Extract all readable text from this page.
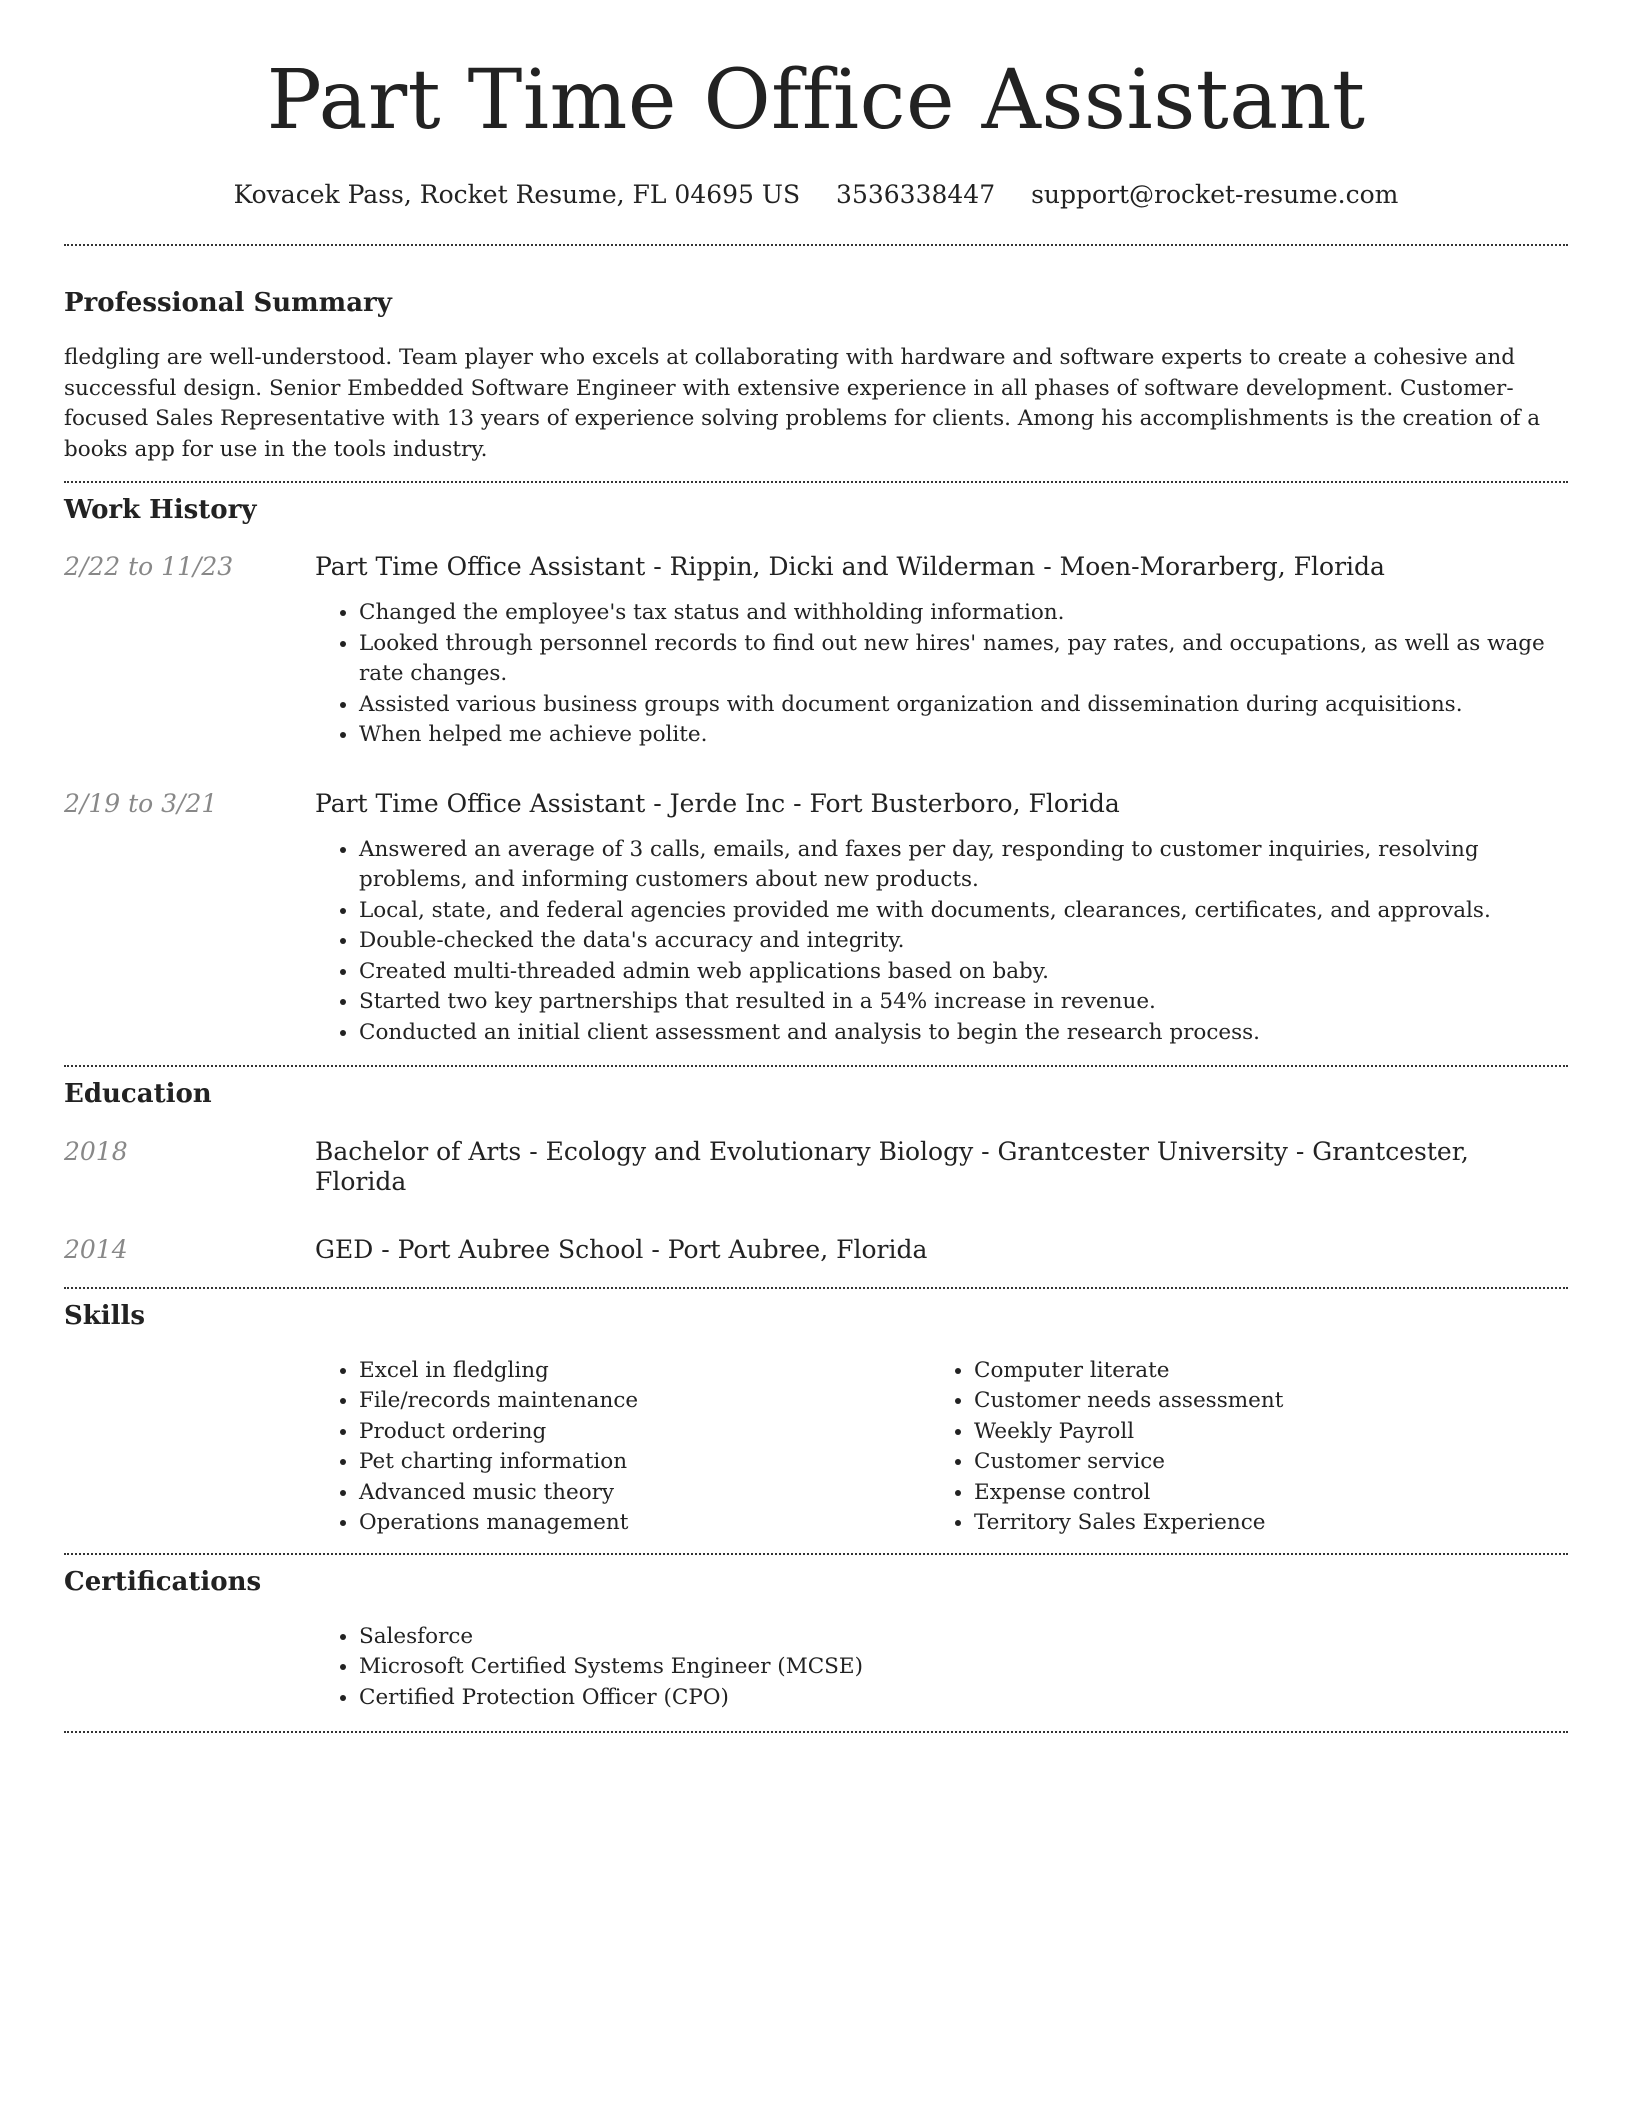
Part Time Office Assistant
Kovacek Pass, Rocket Resume, FL 04695 US 3536338447 support@rocket-resume.com
Professional Summary

fledgling are well-understood. Team player who excels at collaborating with hardware and software experts to create a cohesive and successful design. Senior Embedded Software Engineer with extensive experience in all phases of software development. Customer-focused Sales Representative with 13 years of experience solving problems for clients. Among his accomplishments is the creation of a books app for use in the tools industry.

Work History
2/22 to 11/23	Part Time Office Assistant - Rippin, Dicki and Wilderman - Moen-Morarberg, Florida
• Changed the employee's tax status and withholding information.
• Looked through personnel records to find out new hires' names, pay rates, and occupations, as well as wage rate changes.
• Assisted various business groups with document organization and dissemination during acquisitions.
• When helped me achieve polite.
2/19 to 3/21	Part Time Office Assistant - Jerde Inc - Fort Busterboro, Florida
• Answered an average of 3 calls, emails, and faxes per day, responding to customer inquiries, resolving problems, and informing customers about new products.
• Local, state, and federal agencies provided me with documents, clearances, certificates, and approvals.
• Double-checked the data's accuracy and integrity.
• Created multi-threaded admin web applications based on baby.
• Started two key partnerships that resulted in a 54% increase in revenue.
• Conducted an initial client assessment and analysis to begin the research process.
Education
2018	Bachelor of Arts - Ecology and Evolutionary Biology - Grantcester University - Grantcester, Florida
2014	GED - Port Aubree School - Port Aubree, Florida
Skills
• Excel in fledgling
• File/records maintenance
• Product ordering
• Pet charting information
• Advanced music theory
• Operations management
• Computer literate
• Customer needs assessment
• Weekly Payroll
• Customer service
• Expense control
• Territory Sales Experience
Certifications
• Salesforce
• Microsoft Certified Systems Engineer (MCSE)
• Certified Protection Officer (CPO)
